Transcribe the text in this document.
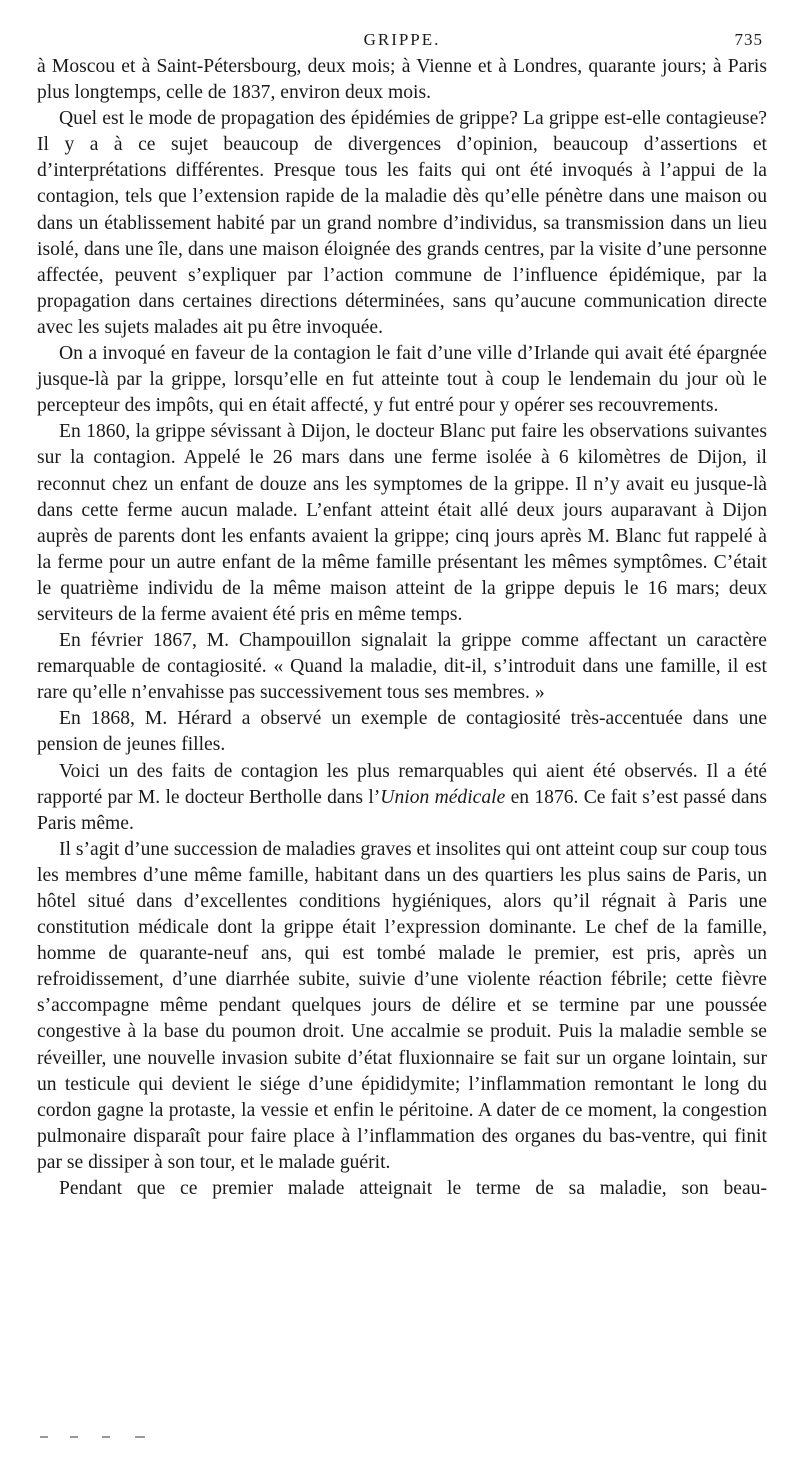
GRIPPE.	735

à Moscou et à Saint-Pétersbourg, deux mois; à Vienne et à Londres, quarante jours; à Paris plus longtemps, celle de 1837, environ deux mois.

Quel est le mode de propagation des épidémies de grippe? La grippe est-elle contagieuse? Il y a à ce sujet beaucoup de divergences d’opinion, beaucoup d’assertions et d’interprétations différentes. Presque tous les faits qui ont été invoqués à l’appui de la contagion, tels que l’extension rapide de la maladie dès qu’elle pénètre dans une maison ou dans un établissement habité par un grand nombre d’individus, sa transmission dans un lieu isolé, dans une île, dans une maison éloignée des grands centres, par la visite d’une personne affectée, peuvent s’expliquer par l’action commune de l’influence épidémique, par la propagation dans certaines directions déterminées, sans qu’aucune communication directe avec les sujets malades ait pu être invoquée.

On a invoqué en faveur de la contagion le fait d’une ville d’Irlande qui avait été épargnée jusque-là par la grippe, lorsqu’elle en fut atteinte tout à coup le lendemain du jour où le percepteur des impôts, qui en était affecté, y fut entré pour y opérer ses recouvrements.

En 1860, la grippe sévissant à Dijon, le docteur Blanc put faire les observations suivantes sur la contagion. Appelé le 26 mars dans une ferme isolée à 6 kilomètres de Dijon, il reconnut chez un enfant de douze ans les symptomes de la grippe. Il n’y avait eu jusque-là dans cette ferme aucun malade. L’enfant atteint était allé deux jours auparavant à Dijon auprès de parents dont les enfants avaient la grippe; cinq jours après M. Blanc fut rappelé à la ferme pour un autre enfant de la même famille présentant les mêmes symptômes. C’était le quatrième individu de la même maison atteint de la grippe depuis le 16 mars; deux serviteurs de la ferme avaient été pris en même temps.

En février 1867, M. Champouillon signalait la grippe comme affectant un caractère remarquable de contagiosité. « Quand la maladie, dit-il, s’introduit dans une famille, il est rare qu’elle n’envahisse pas successivement tous ses membres. »

En 1868, M. Hérard a observé un exemple de contagiosité très-accentuée dans une pension de jeunes filles.

Voici un des faits de contagion les plus remarquables qui aient été observés. Il a été rapporté par M. le docteur Bertholle dans l’Union médicale en 1876. Ce fait s’est passé dans Paris même.

Il s’agit d’une succession de maladies graves et insolites qui ont atteint coup sur coup tous les membres d’une même famille, habitant dans un des quartiers les plus sains de Paris, un hôtel situé dans d’excellentes conditions hygiéniques, alors qu’il régnait à Paris une constitution médicale dont la grippe était l’expression dominante. Le chef de la famille, homme de quarante-neuf ans, qui est tombé malade le premier, est pris, après un refroidissement, d’une diarrhée subite, suivie d’une violente réaction fébrile; cette fièvre s’accompagne même pendant quelques jours de délire et se termine par une poussée congestive à la base du poumon droit. Une accalmie se produit. Puis la maladie semble se réveiller, une nouvelle invasion subite d’état fluxionnaire se fait sur un organe lointain, sur un testicule qui devient le siége d’une épididymite; l’inflammation remontant le long du cordon gagne la protaste, la vessie et enfin le péritoine. A dater de ce moment, la congestion pulmonaire disparaît pour faire place à l’inflammation des organes du bas-ventre, qui finit par se dissiper à son tour, et le malade guérit.

Pendant que ce premier malade atteignait le terme de sa maladie, son beau-
